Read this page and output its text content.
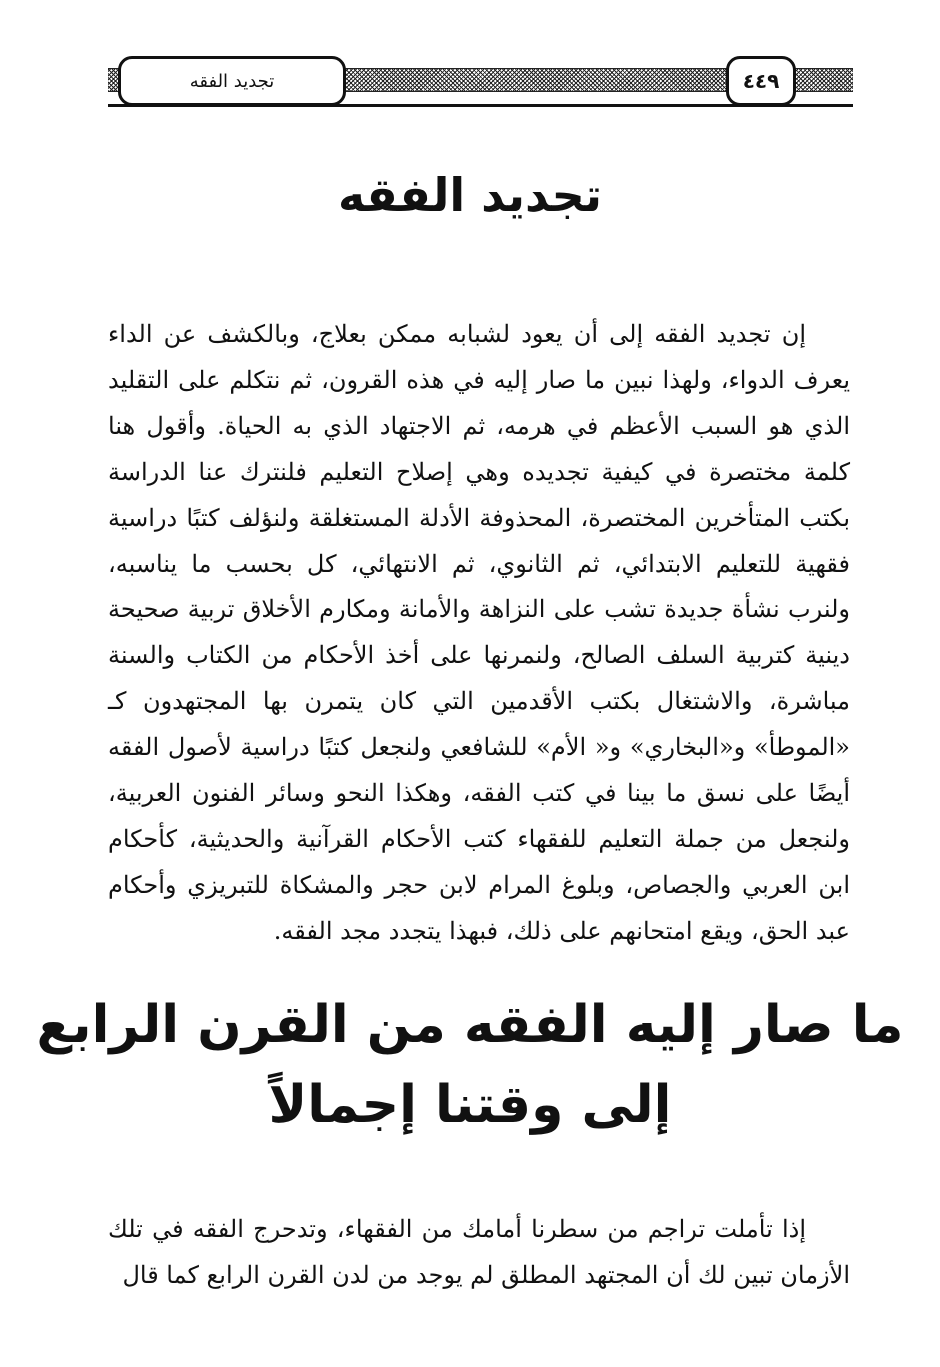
٤٤٩
تجديد الفقه
تجديد الفقه
إن تجديد الفقه إلى أن يعود لشبابه ممكن بعلاج، وبالكشف عن الداء يعرف الدواء، ولهذا نبين ما صار إليه في هذه القرون، ثم نتكلم على التقليد الذي هو السبب الأعظم في هرمه، ثم الاجتهاد الذي به الحياة. وأقول هنا كلمة مختصرة في كيفية تجديده وهي إصلاح التعليم فلنترك عنا الدراسة بكتب المتأخرين المختصرة، المحذوفة الأدلة المستغلقة ولنؤلف كتبًا دراسية فقهية للتعليم الابتدائي، ثم الثانوي، ثم الانتهائي، كل بحسب ما يناسبه، ولنرب نشأة جديدة تشب على النزاهة والأمانة ومكارم الأخلاق تربية صحيحة دينية كتربية السلف الصالح، ولنمرنها على أخذ الأحكام من الكتاب والسنة مباشرة، والاشتغال بكتب الأقدمين التي كان يتمرن بها المجتهدون كـ «الموطأ» و«البخاري» و« الأم» للشافعي ولنجعل كتبًا دراسية لأصول الفقه أيضًا على نسق ما بينا في كتب الفقه، وهكذا النحو وسائر الفنون العربية، ولنجعل من جملة التعليم للفقهاء كتب الأحكام القرآنية والحديثية، كأحكام ابن العربي والجصاص، وبلوغ المرام لابن حجر والمشكاة للتبريزي وأحكام عبد الحق، ويقع امتحانهم على ذلك، فبهذا يتجدد مجد الفقه.
ما صار إليه الفقه من القرن الرابع إلى وقتنا إجمالاً
إذا تأملت تراجم من سطرنا أمامك من الفقهاء، وتدحرج الفقه في تلك الأزمان تبين لك أن المجتهد المطلق لم يوجد من لدن القرن الرابع كما قال
